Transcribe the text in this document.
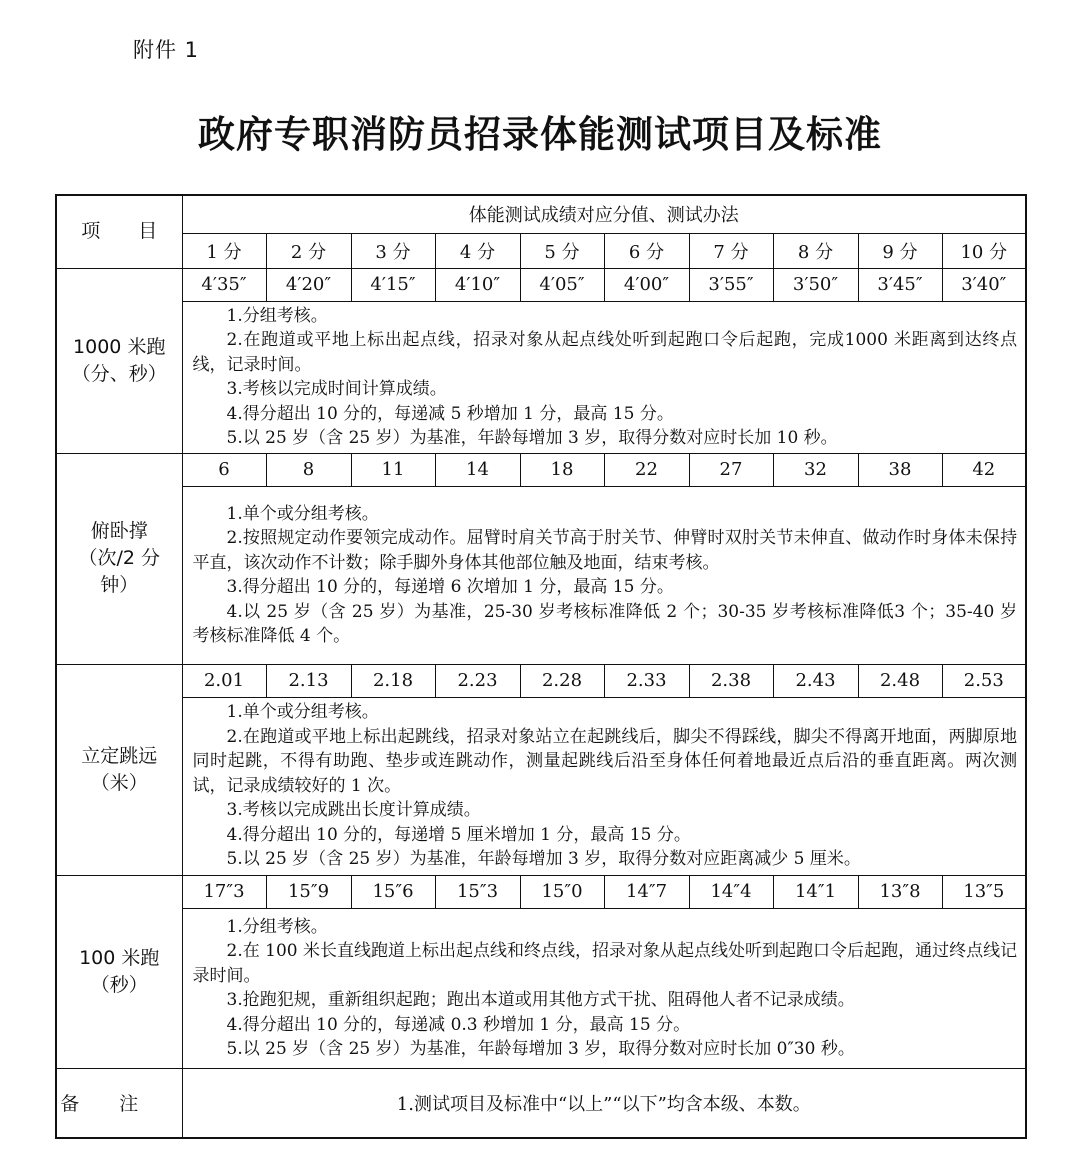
附件 1
政府专职消防员招录体能测试项目及标准
项　　目	体能测试成绩对应分值、测试办法									
	1 分	2 分	3 分	4 分	5 分	6 分	7 分	8 分	9 分	10 分

1000 米跑
（分、秒）	4′35″	4′20″	4′15″	4′10″	4′05″	4′00″	3′55″	3′50″	3′45″	3′40″

	1.分组考核。

2.在跑道或平地上标出起点线，招录对象从起点线处听到起跑口令后起跑，完成1000 米距离到达终点线，记录时间。

3.考核以完成时间计算成绩。

4.得分超出 10 分的，每递减 5 秒增加 1 分，最高 15 分。

5.以 25 岁（含 25 岁）为基准，年龄每增加 3 岁，取得分数对应时长加 10 秒。									

俯卧撑
（次/2 分
钟）	6	8	11	14	18	22	27	32	38	42

	1.单个或分组考核。

2.按照规定动作要领完成动作。屈臂时肩关节高于肘关节、伸臂时双肘关节未伸直、做动作时身体未保持平直，该次动作不计数；除手脚外身体其他部位触及地面，结束考核。

3.得分超出 10 分的，每递增 6 次增加 1 分，最高 15 分。

4.以 25 岁（含 25 岁）为基准，25-30 岁考核标准降低 2 个；30-35 岁考核标准降低3 个；35-40 岁考核标准降低 4 个。									

立定跳远
（米）	2.01	2.13	2.18	2.23	2.28	2.33	2.38	2.43	2.48	2.53

	1.单个或分组考核。

2.在跑道或平地上标出起跳线，招录对象站立在起跳线后，脚尖不得踩线，脚尖不得离开地面，两脚原地同时起跳，不得有助跑、垫步或连跳动作，测量起跳线后沿至身体任何着地最近点后沿的垂直距离。两次测试，记录成绩较好的 1 次。

3.考核以完成跳出长度计算成绩。

4.得分超出 10 分的，每递增 5 厘米增加 1 分，最高 15 分。

5.以 25 岁（含 25 岁）为基准，年龄每增加 3 岁，取得分数对应距离减少 5 厘米。									

100 米跑
（秒）	17″3	15″9	15″6	15″3	15″0	14″7	14″4	14″1	13″8	13″5

	1.分组考核。

2.在 100 米长直线跑道上标出起点线和终点线，招录对象从起点线处听到起跑口令后起跑，通过终点线记录时间。

3.抢跑犯规，重新组织起跑；跑出本道或用其他方式干扰、阻碍他人者不记录成绩。

4.得分超出 10 分的，每递减 0.3 秒增加 1 分，最高 15 分。

5.以 25 岁（含 25 岁）为基准，年龄每增加 3 岁，取得分数对应时长加 0″30 秒。									

备注	1.测试项目及标准中“以上”“以下”均含本级、本数。									
